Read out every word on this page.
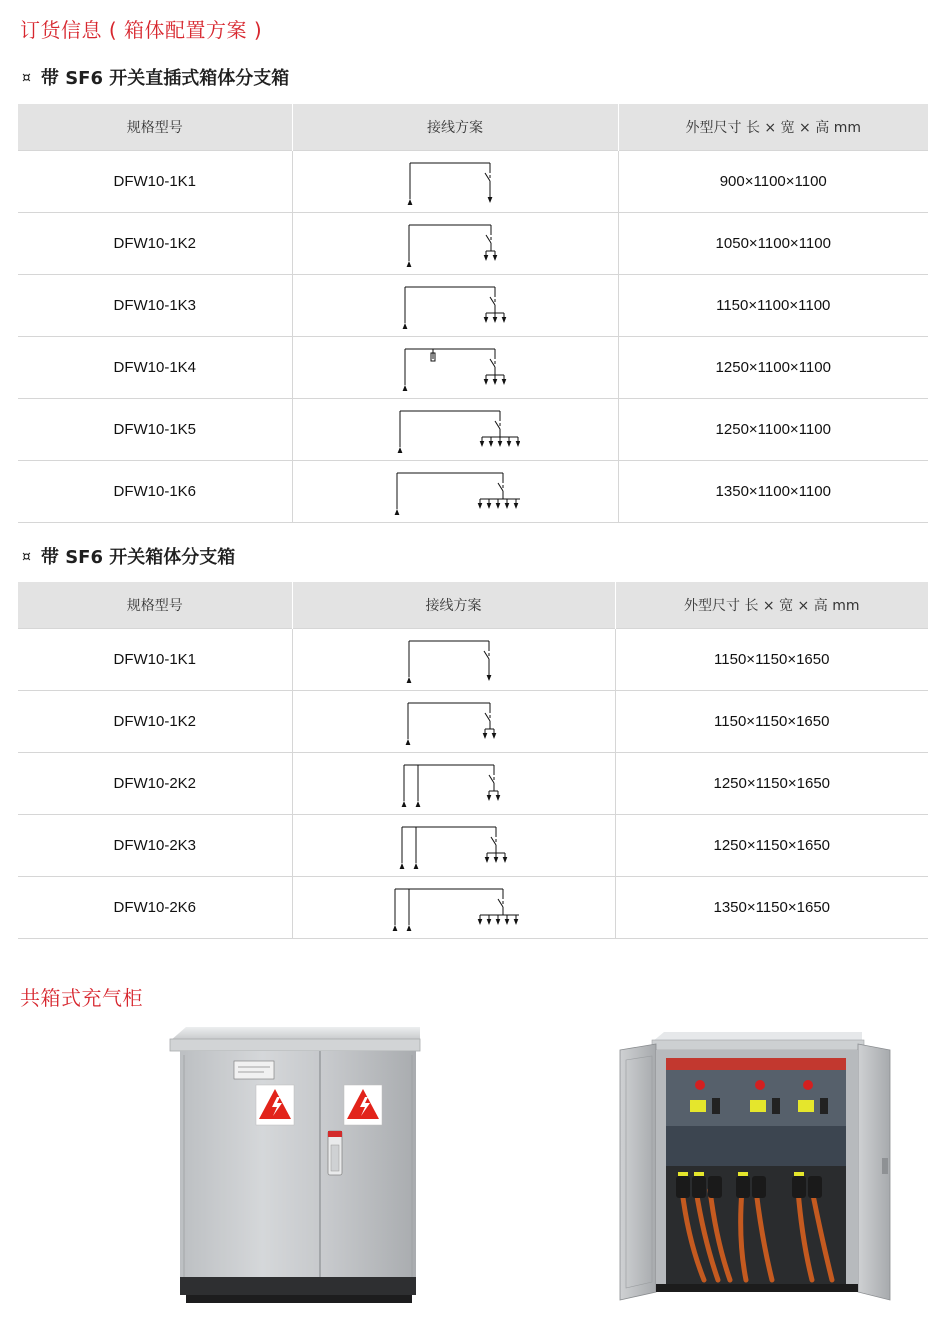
订货信息 ( 箱体配置方案 )
¤ 带 SF6 开关直插式箱体分支箱
规格型号	接线方案	外型尺寸 长 × 宽 × 高 mm
DFW10-1K1		900×1100×1100
DFW10-1K2		1050×1100×1100
DFW10-1K3		1150×1100×1100
DFW10-1K4		1250×1100×1100
DFW10-1K5		1250×1100×1100
DFW10-1K6		1350×1100×1100
¤ 带 SF6 开关箱体分支箱
规格型号	接线方案	外型尺寸 长 × 宽 × 高 mm
DFW10-1K1		1150×1150×1650
DFW10-1K2		1150×1150×1650
DFW10-2K2		1250×1150×1650
DFW10-2K3		1250×1150×1650
DFW10-2K6		1350×1150×1650
共箱式充气柜
